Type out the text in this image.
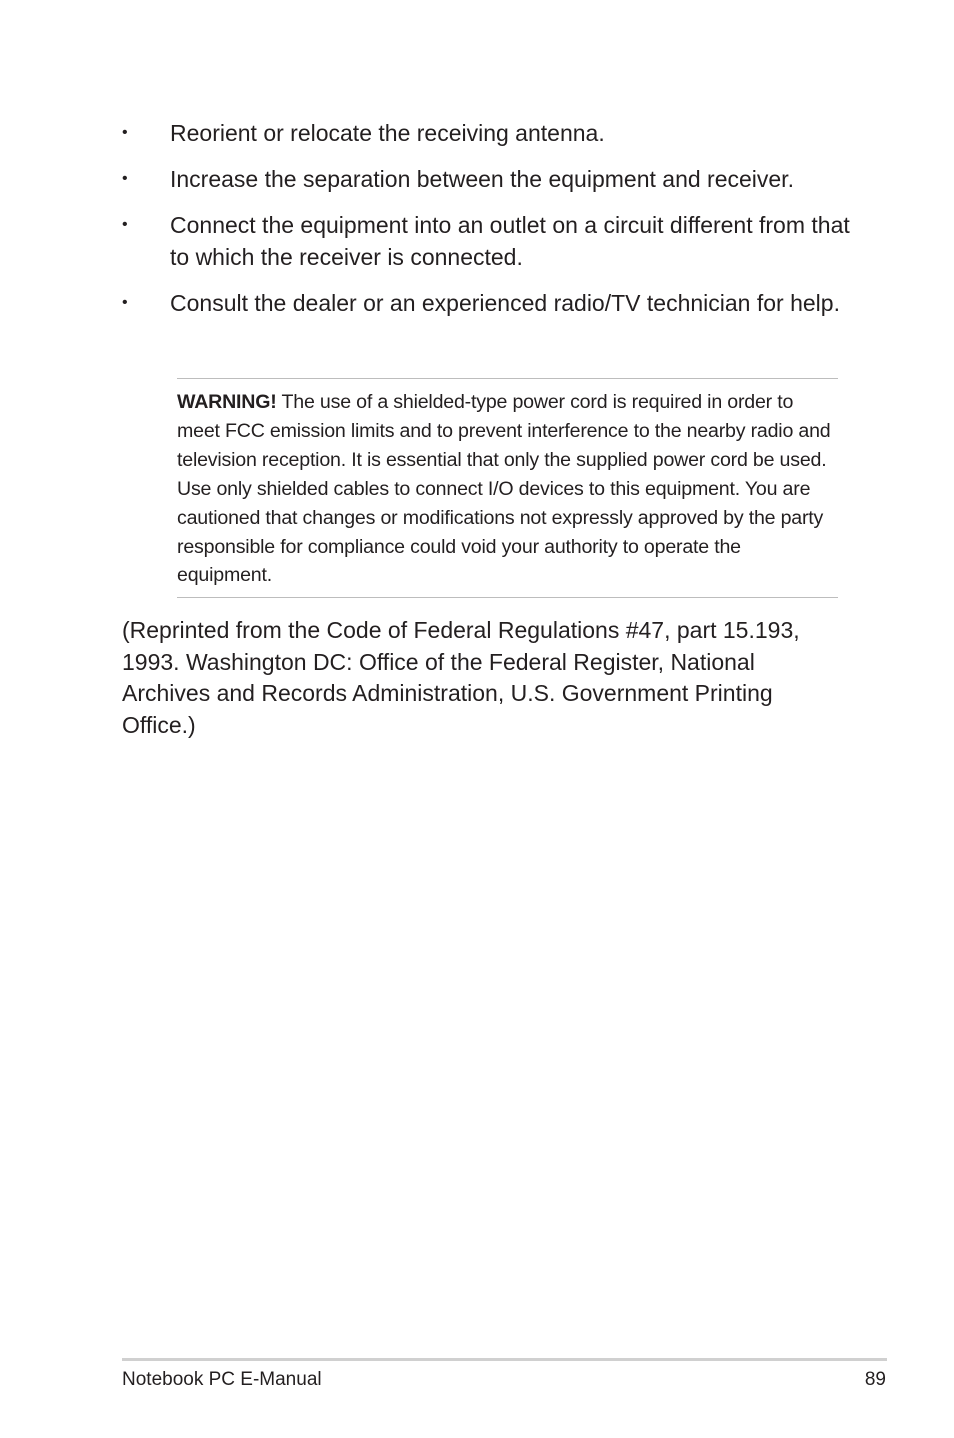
• Reorient or relocate the receiving antenna.
• Increase the separation between the equipment and receiver.
• Connect the equipment into an outlet on a circuit different from that to which the receiver is connected.
• Consult the dealer or an experienced radio/TV technician for help.

WARNING! The use of a shielded-type power cord is required in order to meet FCC emission limits and to prevent interference to the nearby radio and television reception. It is essential that only the supplied power cord be used. Use only shielded cables to connect I/O devices to this equipment. You are cautioned that changes or modifications not expressly approved by the party responsible for compliance could void your authority to operate the equipment.

(Reprinted from the Code of Federal Regulations #47, part 15.193, 1993. Washington DC: Office of the Federal Register, National Archives and Records Administration, U.S. Government Printing Office.)

Notebook PC E-Manual	89
